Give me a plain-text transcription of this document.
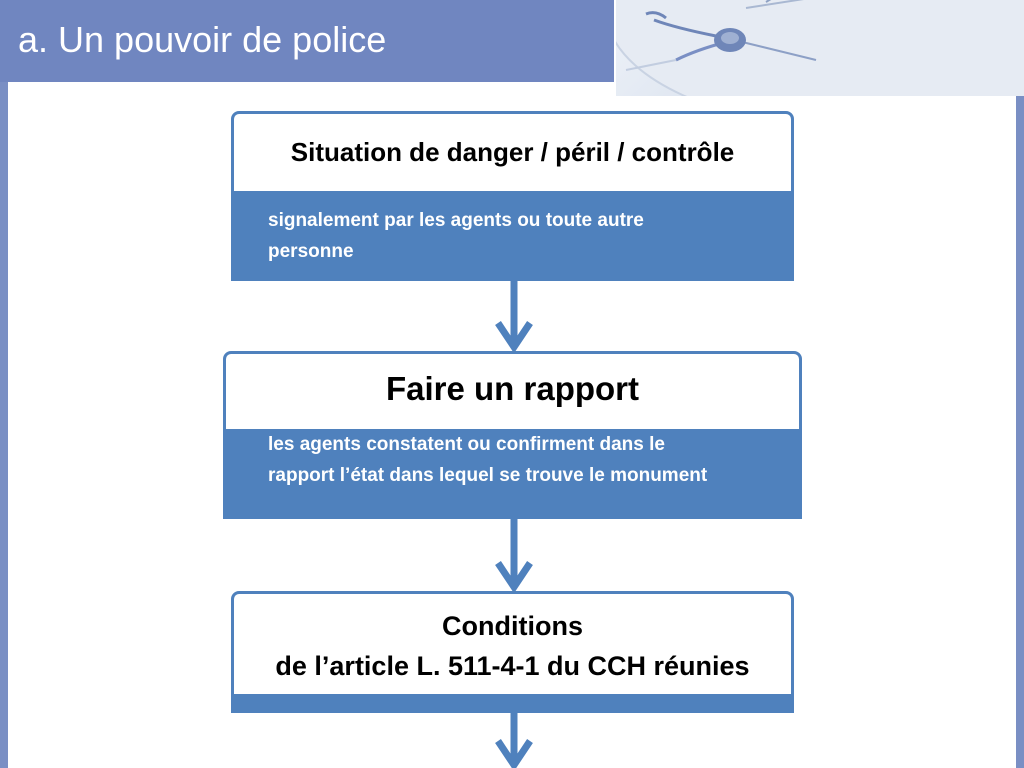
a. Un pouvoir de police
Situation de danger / péril / contrôle
signalement par les agents ou toute autre
personne
Faire un rapport
les agents constatent ou confirment dans le
rapport l’état dans lequel se trouve le monument
Conditions
de l’article L. 511-4-1 du CCH réunies
